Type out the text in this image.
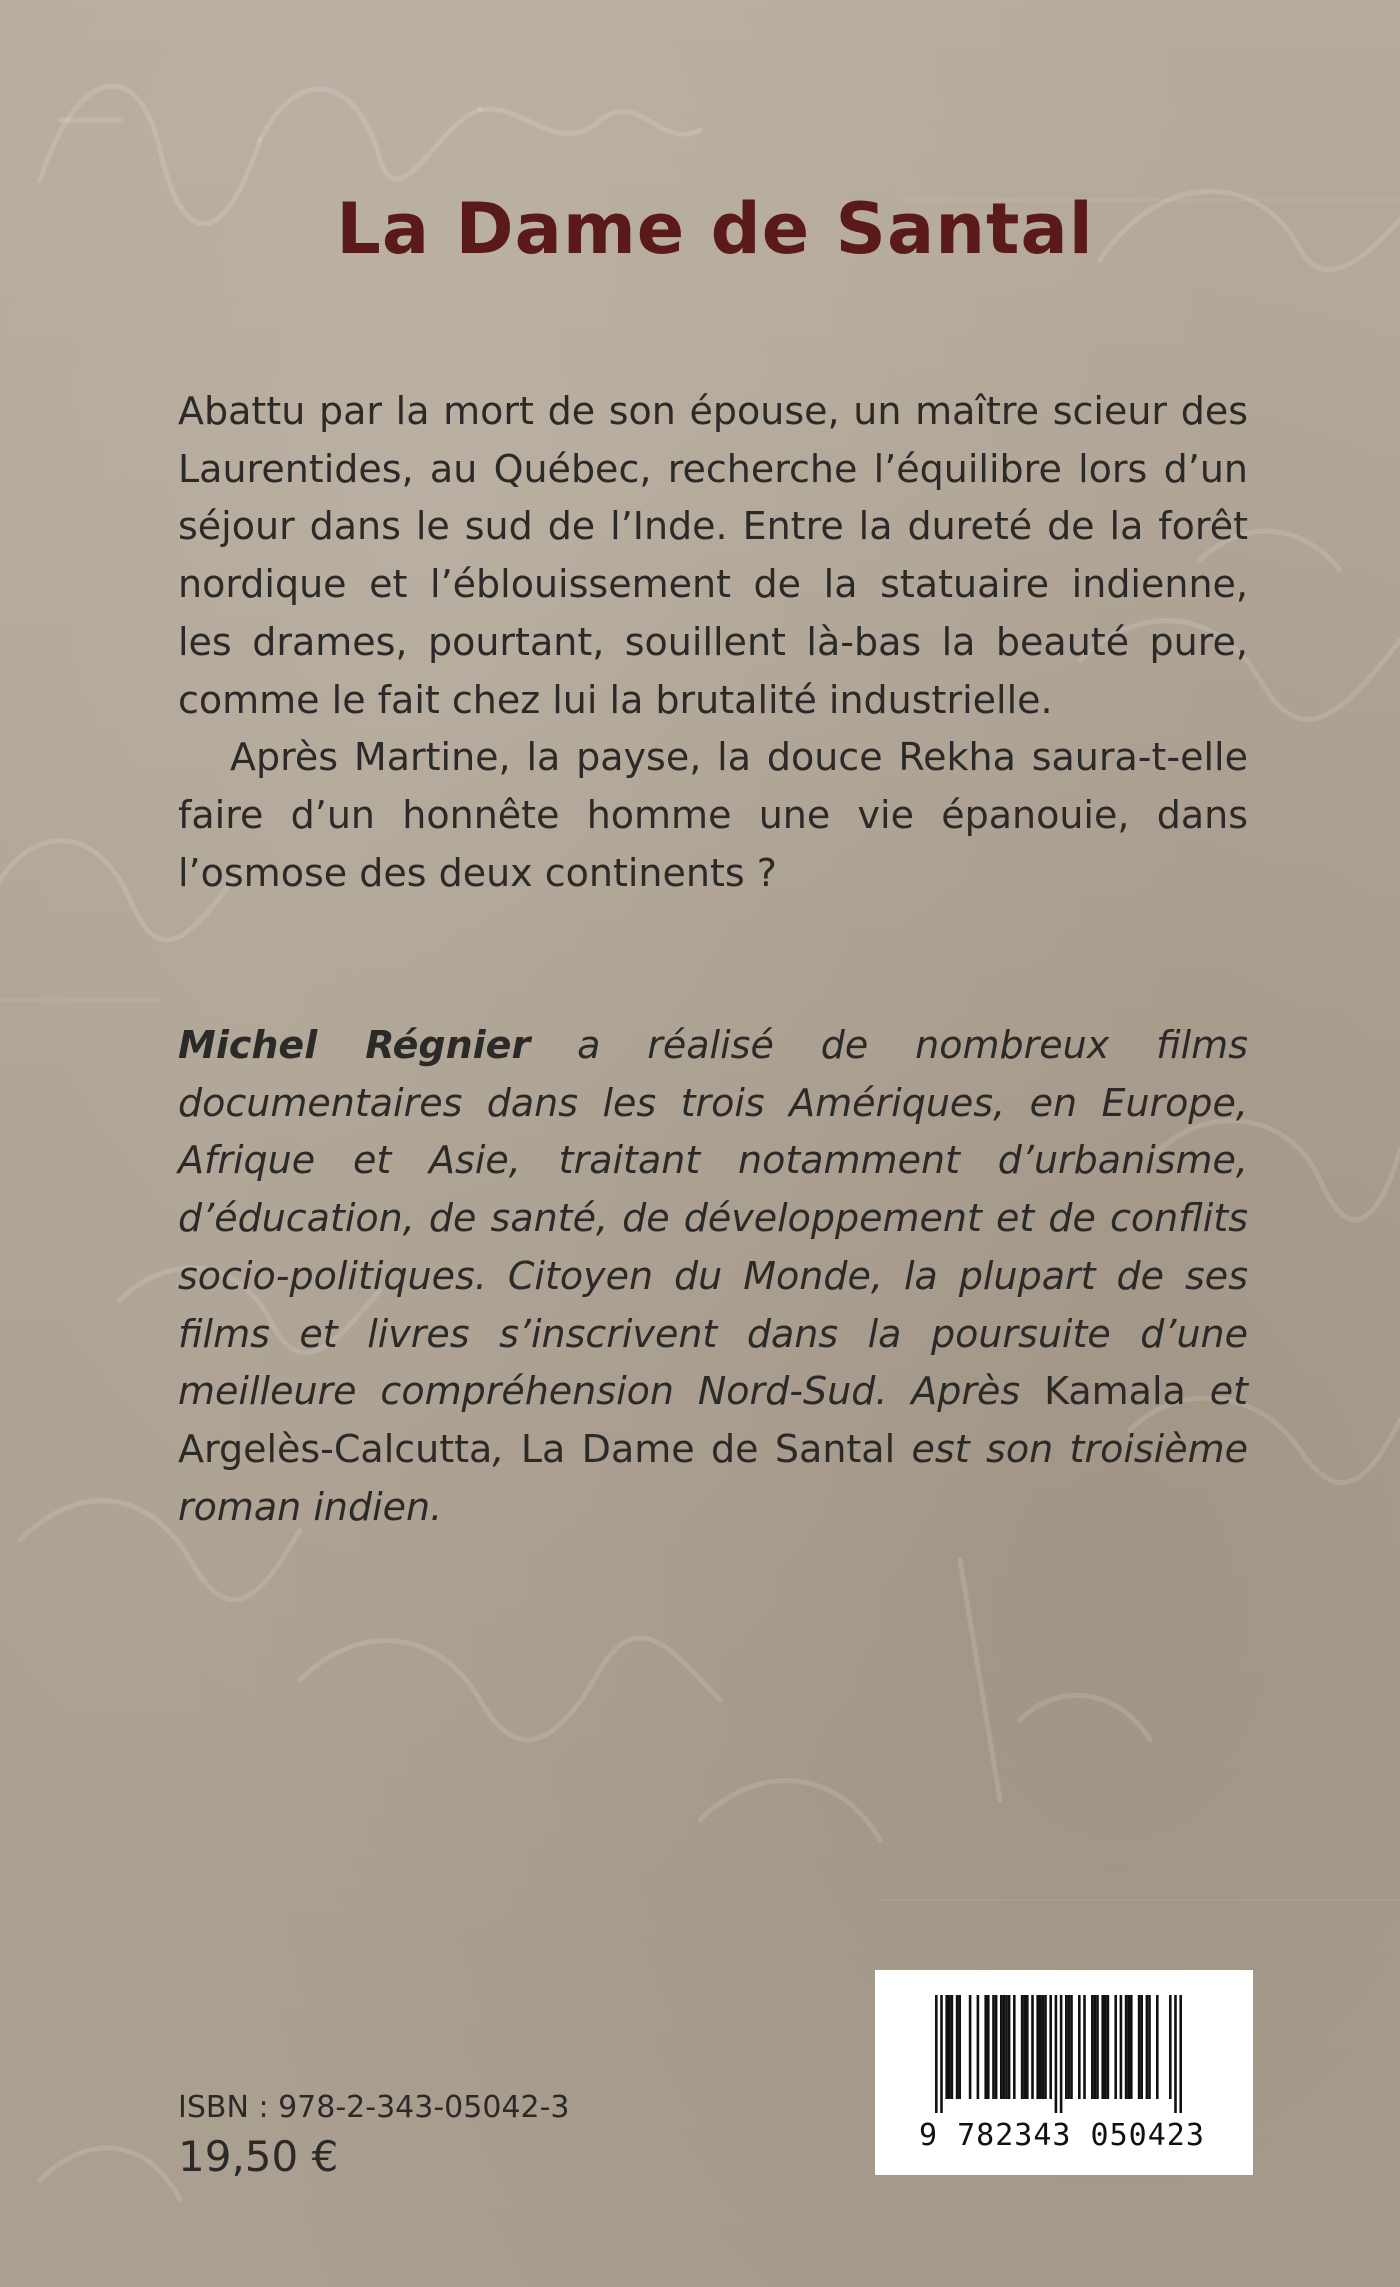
La Dame de Santal

Abattu par la mort de son épouse, un maître scieur des Laurentides, au Québec, recherche l’équilibre lors d’un séjour dans le sud de l’Inde. Entre la dureté de la forêt nordique et l’éblouissement de la statuaire indienne, les drames, pourtant, souillent là-bas la beauté pure, comme le fait chez lui la brutalité industrielle.

Après Martine, la payse, la douce Rekha saura-t-elle faire d’un honnête homme une vie épanouie, dans l’osmose des deux continents ?

Michel Régnier a réalisé de nombreux films documentaires dans les trois Amériques, en Europe, Afrique et Asie, traitant notamment d’urbanisme, d’éducation, de santé, de développement et de conflits socio-politiques. Citoyen du Monde, la plupart de ses films et livres s’inscrivent dans la poursuite d’une meilleure compréhension Nord-Sud. Après Kamala et Argelès-Calcutta, La Dame de Santal est son troisième roman indien.

ISBN : 978-2-343-05042-3
19,50 €	9 782343 050423
